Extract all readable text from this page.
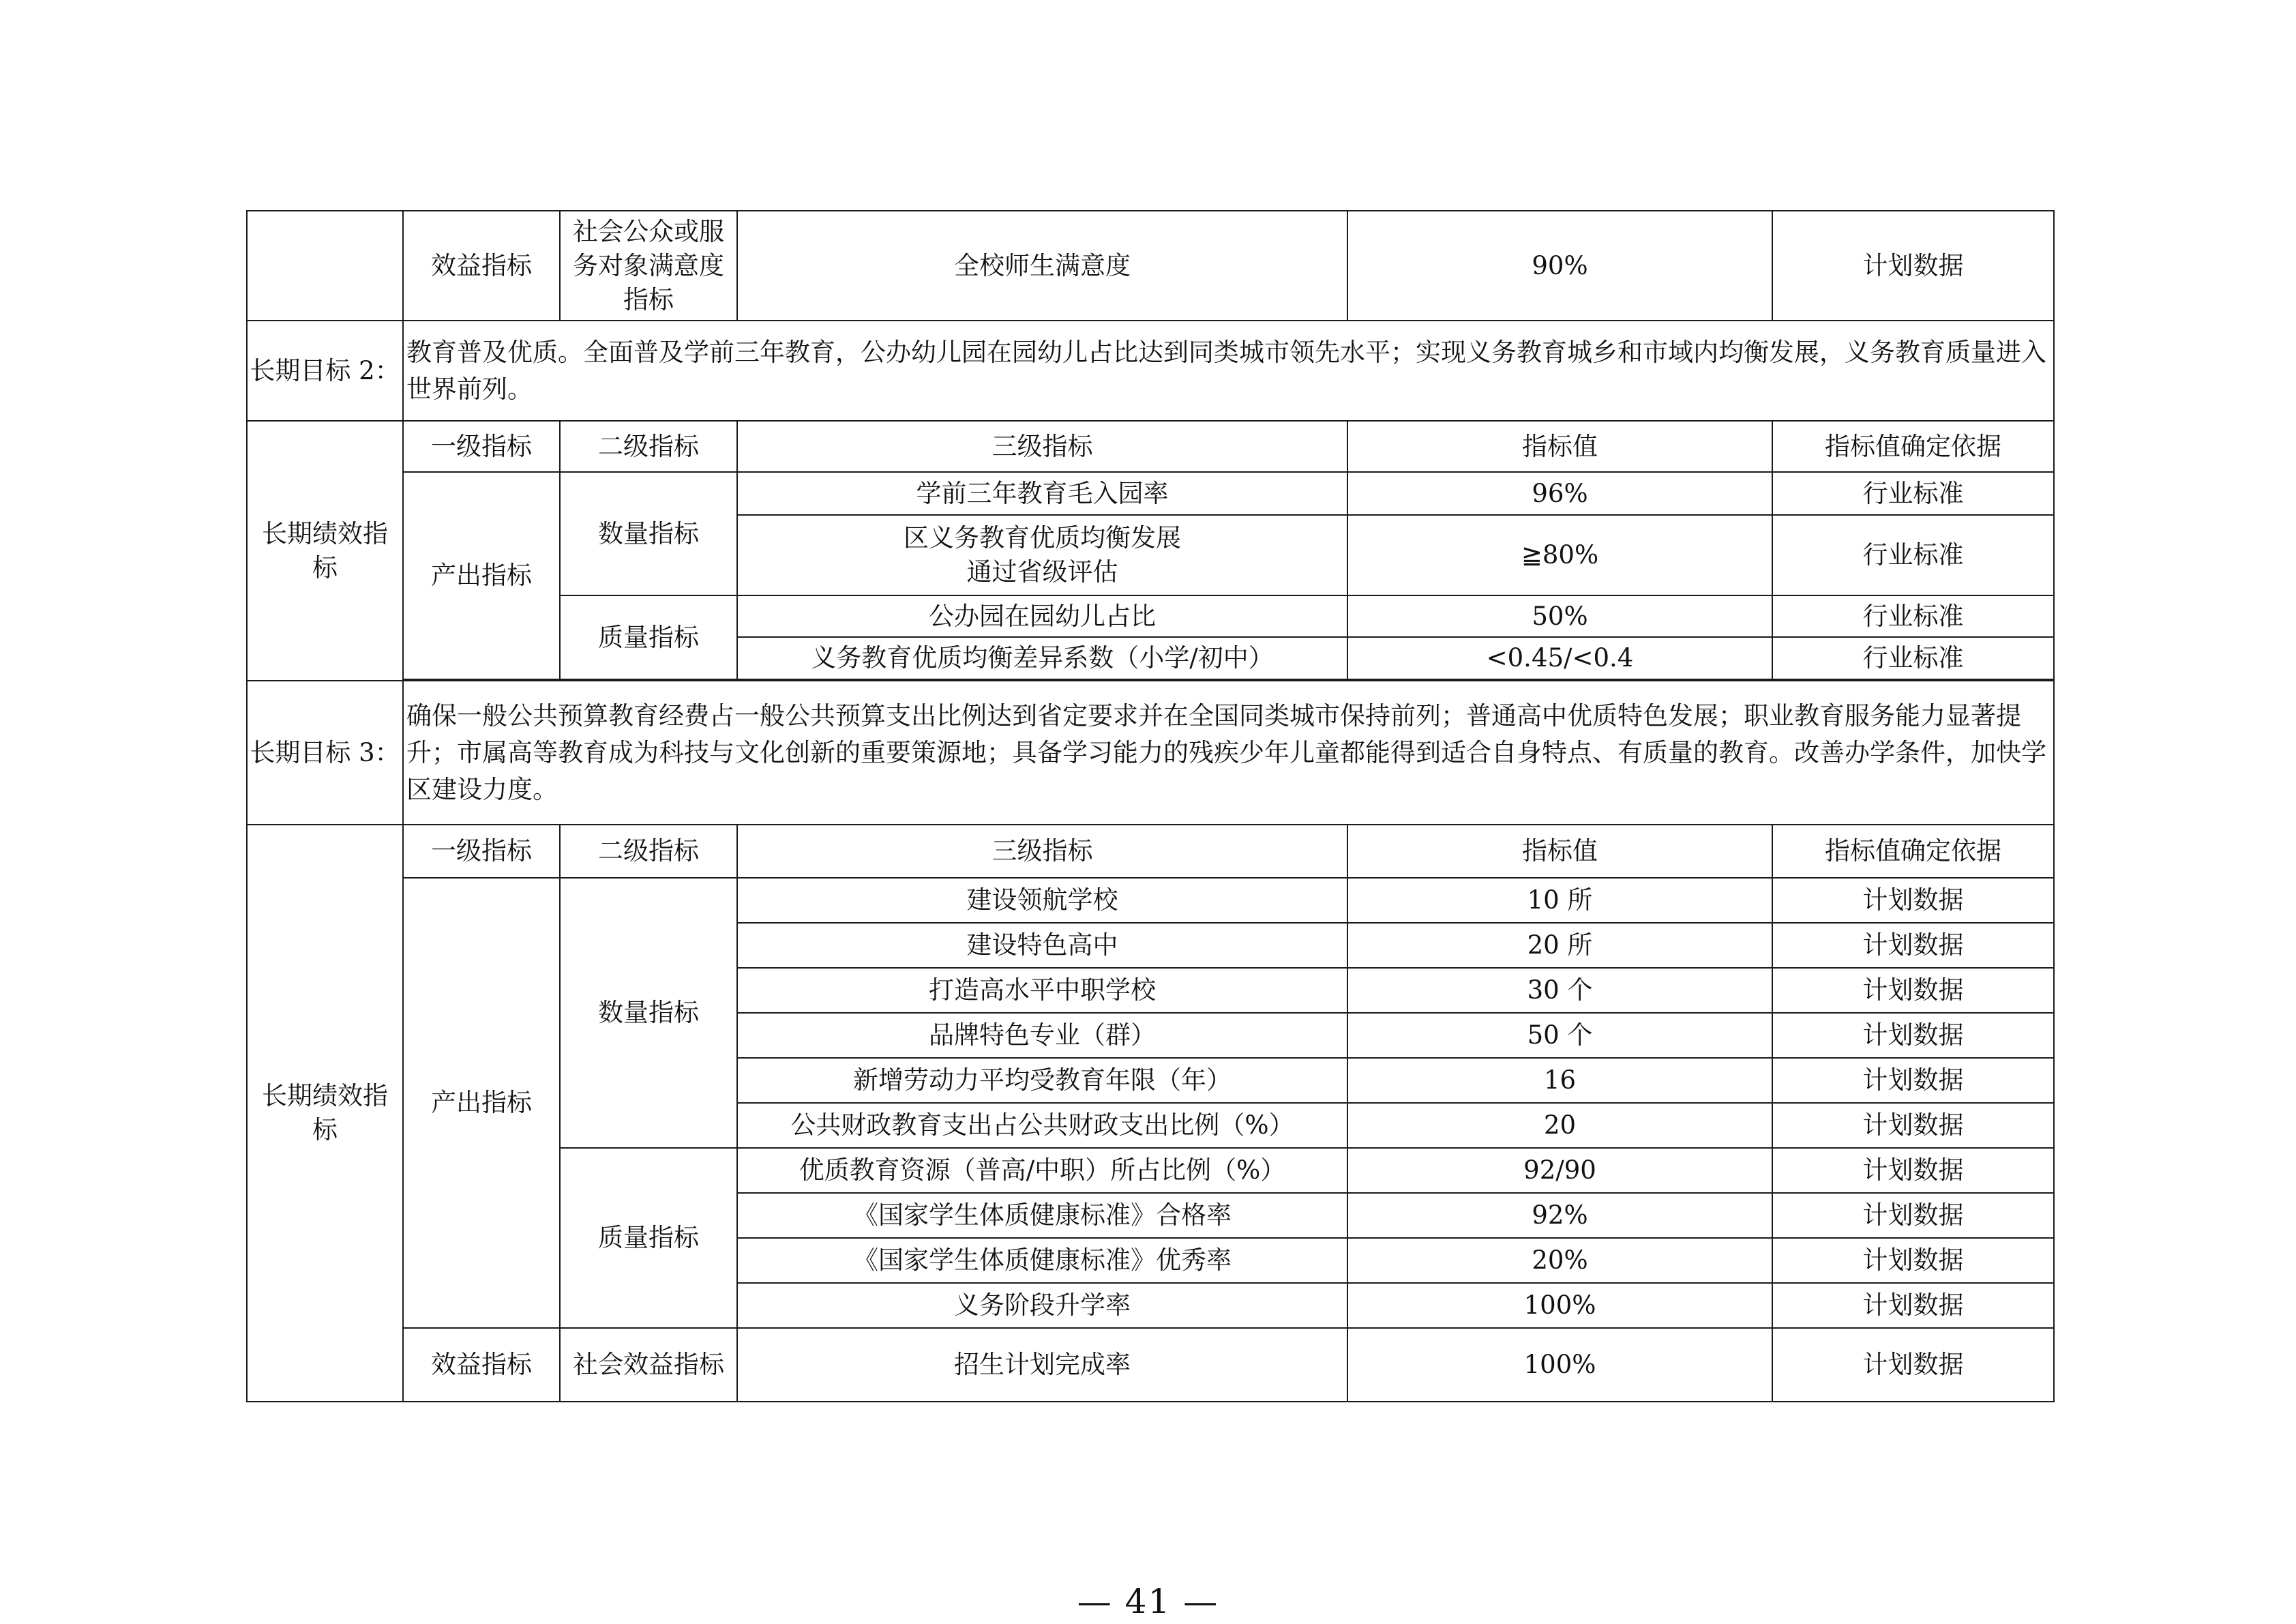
	效益指标	社会公众或服务对象满意度指标	全校师生满意度	90%	计划数据
长期目标 2：	教育普及优质。全面普及学前三年教育，公办幼儿园在园幼儿占比达到同类城市领先水平；实现义务教育城乡和市域内均衡发展，义务教育质量进入世界前列。				
长期绩效指标	一级指标	二级指标	三级指标	指标值	指标值确定依据
	产出指标	数量指标	学前三年教育毛入园率	96%	行业标准
			区义务教育优质均衡发展通过省级评估	≧80%	行业标准
		质量指标	公办园在园幼儿占比	50%	行业标准
			义务教育优质均衡差异系数（小学/初中）	<0.45/<0.4	行业标准

长期目标 3：	确保一般公共预算教育经费占一般公共预算支出比例达到省定要求并在全国同类城市保持前列；普通高中优质特色发展；职业教育服务能力显著提升；市属高等教育成为科技与文化创新的重要策源地；具备学习能力的残疾少年儿童都能得到适合自身特点、有质量的教育。改善办学条件，加快学区建设力度。				
长期绩效指标	一级指标	二级指标	三级指标	指标值	指标值确定依据
	产出指标	数量指标	建设领航学校	10 所	计划数据
			建设特色高中	20 所	计划数据
			打造高水平中职学校	30 个	计划数据
			品牌特色专业（群）	50 个	计划数据
			新增劳动力平均受教育年限（年）	16	计划数据
			公共财政教育支出占公共财政支出比例（%）	20	计划数据
		质量指标	优质教育资源（普高/中职）所占比例（%）	92/90	计划数据
			《国家学生体质健康标准》合格率	92%	计划数据
			《国家学生体质健康标准》优秀率	20%	计划数据
			义务阶段升学率	100%	计划数据
	效益指标	社会效益指标	招生计划完成率	100%	计划数据
— 41 —
